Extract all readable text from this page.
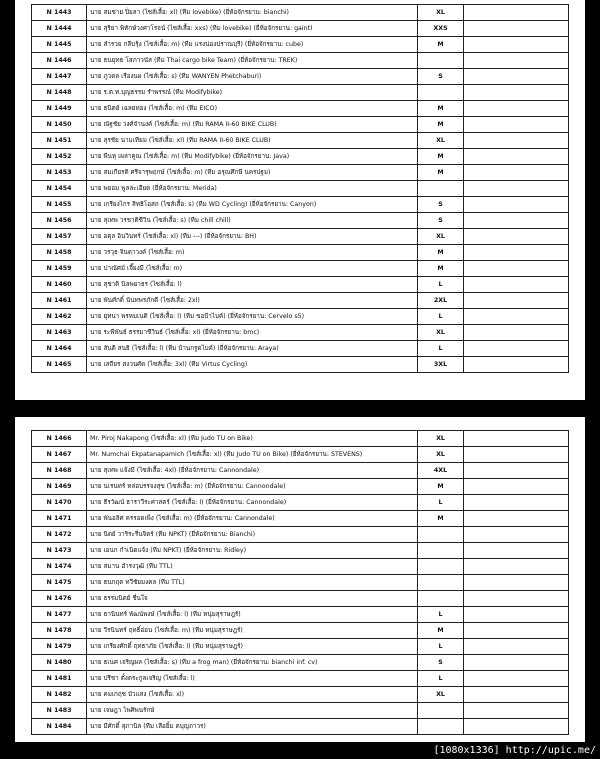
N 1443	นาย สมชาย ปิ่ยลา (ไซส์เสื้อ: xl) (ทีม lovebike) (ยี่ห้อจักรยาน: bianchi)	XL	
N 1444	นาย สุริยา พิทักษ์วงศาโรจน์ (ไซส์เสื้อ: xxs) (ทีม lovebike) (ยี่ห้อจักรยาน: gaint)	XXS	
N 1445	นาย สำรวย กลีบรุ้ง (ไซส์เสื้อ: m) (ทีม แรงน่องปราณบุรี) (ยี่ห้อจักรยาน: cube)	M	
N 1446	นาย ธนยุทธ โสภาวนัส (ทีม Thai cargo bike Team) (ยี่ห้อจักรยาน: TREK)		
N 1447	นาย ภูวดล เรืองนผ (ไซส์เสื้อ: s) (ทีม WANYEN Phetchaburi)	S	
N 1448	นาย ร.ต.ท.บุญธรรม รำพรรณ์ (ทีม Modifybike)		
N 1449	นาย ธนิตย์ เฉลยทอง (ไซส์เสื้อ: m) (ทีม EICO)	M	
N 1450	นาย ณัฐชัย วงศ์จำนงค์ (ไซส์เสื้อ: m) (ทีม RAMA II-60 BIKE CLUB)	M	
N 1451	นาย สุรชัย นามเทียม (ไซส์เสื้อ: xl) (ทีม RAMA II-60 BIKE CLUB)	XL	
N 1452	นาย พีนทุ เผลาคูณ (ไซส์เสื้อ: m) (ทีม Modifybike) (ยี่ห้อจักรยาน: Java)	M	
N 1453	นาย สมเกียรติ ศรีจารุพฤกษ์ (ไซส์เสื้อ: m) (ทีม อรุณศึกษี นครปฐม)	M	
N 1454	นาย พยอม พูลละเอียด (ยี่ห้อจักรยาน: Merida)		
N 1455	นาย เกรียงไกร สิทธิโอสถ (ไซส์เสื้อ: s) (ทีม WD Cycling) (ยี่ห้อจักรยาน: Canyon)	S	
N 1456	นาย สุเทพ วรชาติชีวิน (ไซส์เสื้อ: s) (ทีม chill chill)	S	
N 1457	นาย อตุล อินวินทร์ (ไซส์เสื้อ: xl) (ทีม ---) (ยี่ห้อจักรยาน: BH)	XL	
N 1458	นาย วรวุธ จินดาวงค์ (ไซส์เสื้อ: m)	M	
N 1459	นาย ปาณัศม์ เจี๊ยงมี (ไซส์เสื้อ: m)	M	
N 1460	นาย สุชาติ นิลพยาธร (ไซส์เสื้อ: l)	L	
N 1461	นาย พันศักดิ์ นันทพรภักดี (ไซส์เสื้อ: 2xl)	2XL	
N 1462	นาย ยุทนา พรหมเนติ (ไซส์เสื้อ: l) (ทีม ขอป้าไบค์) (ยี่ห้อจักรยาน: Cervelo s5)	L	
N 1463	นาย ระพีพันธ์ ธรรมาชีวินธ์ (ไซส์เสื้อ: xl) (ยี่ห้อจักรยาน: bmc)	XL	
N 1464	นาย สันติ สนธิ (ไซส์เสื้อ: l) (ทีม บ้านกรูดไบค์) (ยี่ห้อจักรยาน: Araya)	L	
N 1465	นาย เสถียร สงวนศัด (ไซส์เสื้อ: 3xl) (ทีม Virtus Cycling)	3XL	
N 1466	Mr. Piroj Nakapong (ไซส์เสื้อ: xl) (ทีม Judo TU on Bike)	XL	
N 1467	Mr. Numchai Ekpatanapamich (ไซส์เสื้อ: xl) (ทีม Judo TU on Bike) (ยี่ห้อจักรยาน: STEVENS)	XL	
N 1468	นาย สุเทพ แจ้งมี (ไซส์เสื้อ: 4xl) (ยี่ห้อจักรยาน: Cannondale)	4XL	
N 1469	นาย นเรนทร์ หล่อบรรจงสุข (ไซส์เสื้อ: m) (ยี่ห้อจักรยาน: Cannondale)	M	
N 1470	นาย ธีรวัฒน์ ธาราวีระศาสตร์ (ไซส์เสื้อ: l) (ยี่ห้อจักรยาน: Cannondale)	L	
N 1471	นาย พันอลิศ ครรอดเพ็ง (ไซส์เสื้อ: m) (ยี่ห้อจักรยาน: Cannondale)	M	
N 1472	นาย นิตย์ วาริระรื่นจิตร์ (ทีม NPKT) (ยี่ห้อจักรยาน: Bianchi)		
N 1473	นาย เอนก กำเนิดแจ้ง (ทีม NPKT) (ยี่ห้อจักรยาน: Ridley)		
N 1474	นาย สมาน อำรงวุฒิ (ทีม TTL)		
N 1475	นาย ธนกฤต ทวีชัยมงคล (ทีม TTL)		
N 1476	นาย ธรรมนิตย์ ชื่นใจ		
N 1477	นาย ธานินทร์ พัฒน์พงษ์ (ไซส์เสื้อ: l) (ทีม หนุ่มสุราษฎร์)	L	
N 1478	นาย วีรนินทร์ ฤทธิ์อ่อน (ไซส์เสื้อ: m) (ทีม หนุ่มสุราษฎร์)	M	
N 1479	นาย เกรียงศักดิ์ ฤทธาภัย (ไซส์เสื้อ: l) (ทีม หนุ่มสุราษฎร์)	L	
N 1480	นาย ธเนศ เจริญผล (ไซส์เสื้อ: s) (ทีม a frog man) (ยี่ห้อจักรยาน: bianchi inf. cv)	S	
N 1481	นาย ปรีชา ตั้งตระกูลเจริญ (ไซส์เสื้อ: l)	L	
N 1482	นาย คมเกฤช บัวแสง (ไซส์เสื้อ: xl)	XL	
N 1483	นาย เจษฎา ไพศิพนรักษ์		
N 1484	นาย มีศักดิ์ สุภานิล (ทีม เสือยิ้ม ตบุญถาวร)		
[1080x1336] http://upic.me/
